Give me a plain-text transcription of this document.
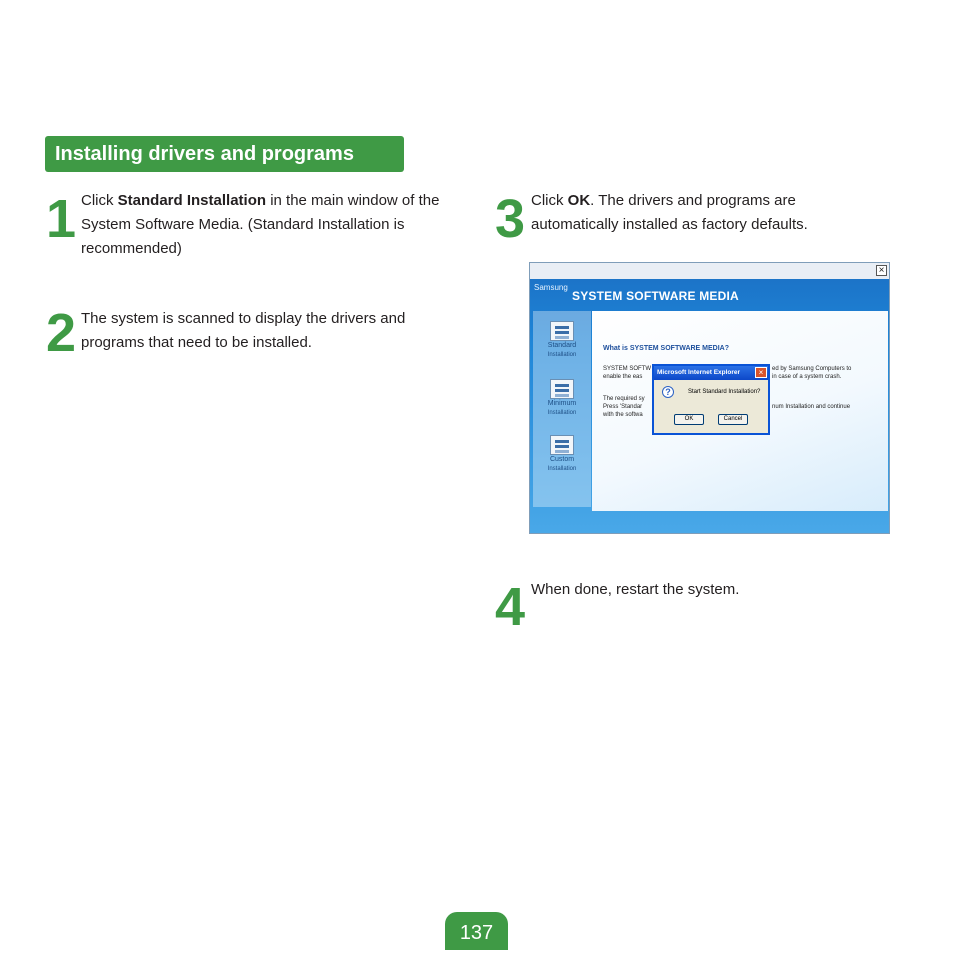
Installing drivers and programs
1 Click Standard Installation in the main window of the System Software Media. (Standard Installation is recommended)
2 The system is scanned to display the drivers and programs that need to be installed.
3 Click OK. The drivers and programs are automatically installed as factory defaults.
×
Samsung
SYSTEM SOFTWARE MEDIA
Standard
Installation
Minimum
Installation
Custom
Installation
What is SYSTEM SOFTWARE MEDIA?
SYSTEM SOFTW
enable the eas
The required sy
Press 'Standar
with the softwa
ed by Samsung Computers to
in case of a system crash.
num Installation and continue
Microsoft Internet Explorer	×
?	Start Standard Installation?
OK	Cancel
4 When done, restart the system.
137
